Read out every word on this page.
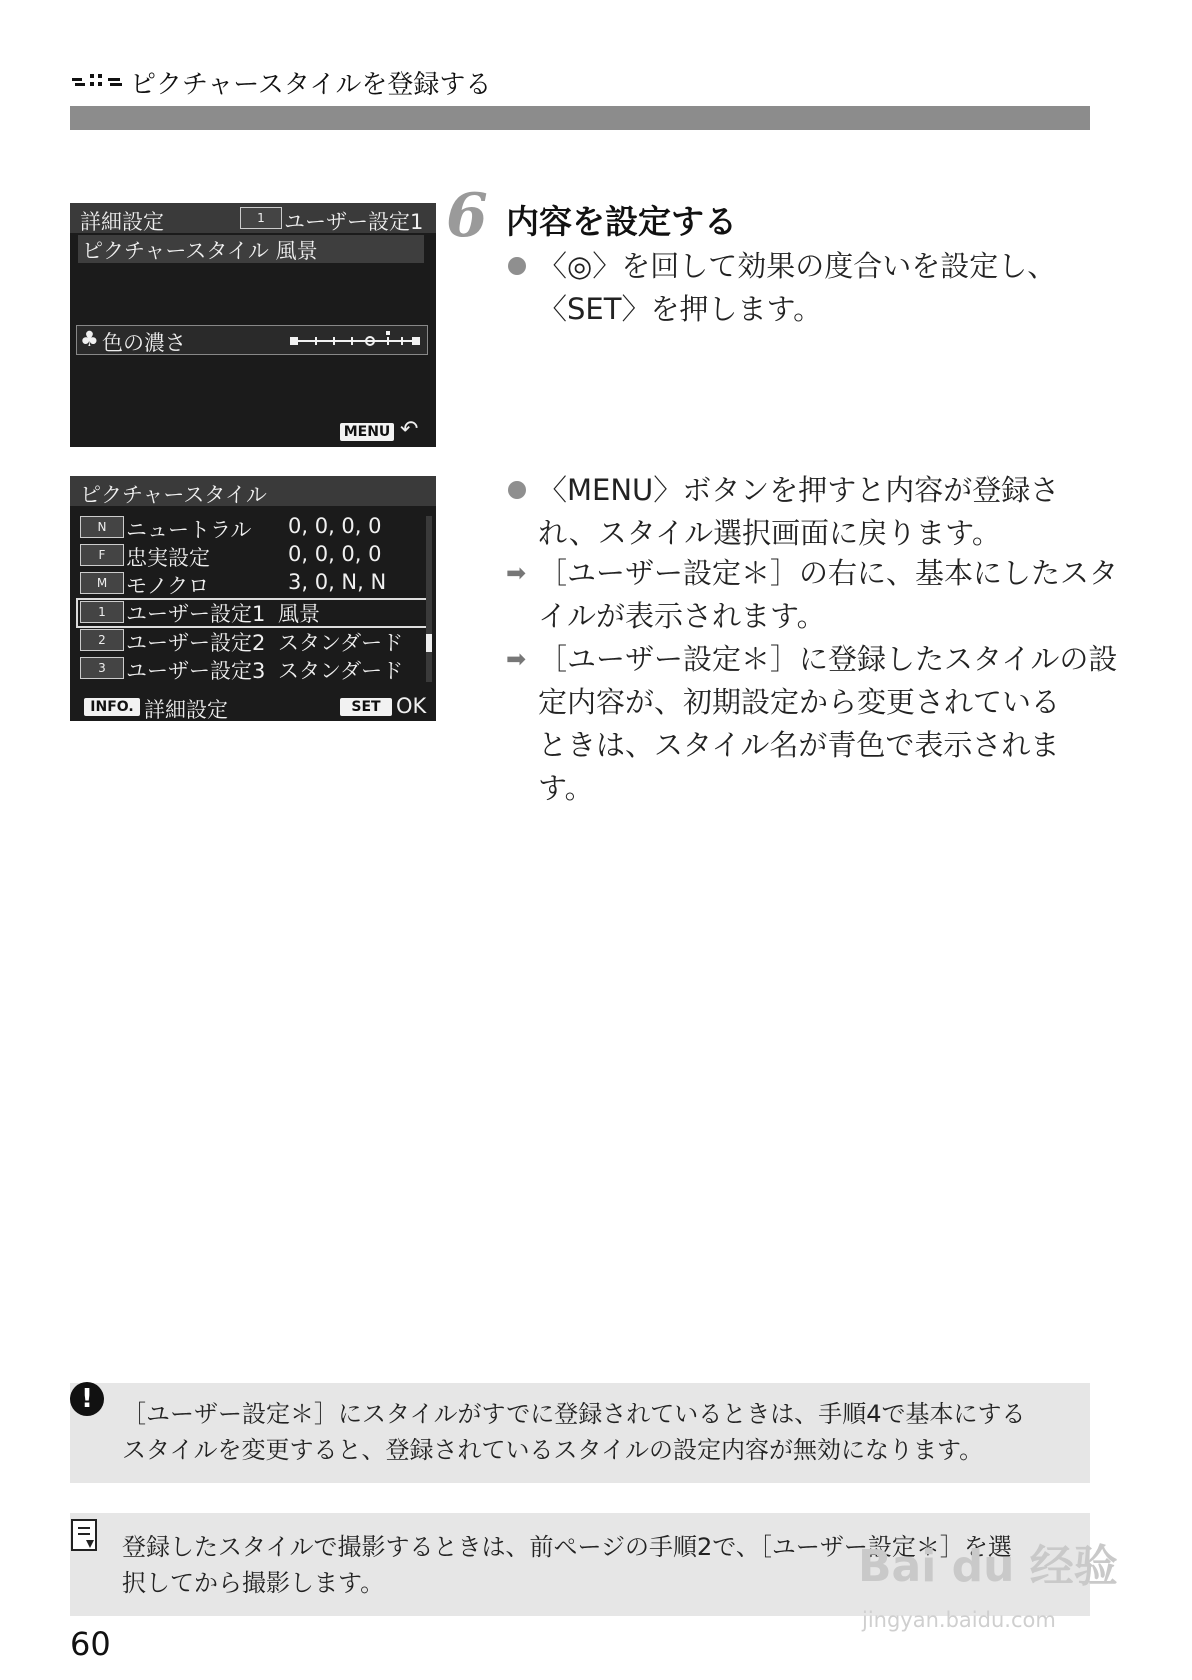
ピクチャースタイルを登録する
詳細設定	1 ユーザー設定1
ピクチャースタイル 風景
♣ 色の濃さ
MENU ↶
ピクチャースタイル
N ニュートラル 0, 0, 0, 0
F 忠実設定	0, 0, 0, 0
M モノクロ	3, 0, N, N
1 ユーザー設定1 風景
2 ユーザー設定2 スタンダード
3 ユーザー設定3 スタンダード
INFO. 詳細設定	SET OK
6 内容を設定する
〈◎〉を回して効果の度合いを設定し、
〈SET〉を押します。
〈MENU〉ボタンを押すと内容が登録さ
れ、スタイル選択画面に戻ります。
➡ ［ユーザー設定＊］の右に、基本にしたスタ
イルが表示されます。
➡ ［ユーザー設定＊］に登録したスタイルの設
定内容が、初期設定から変更されている
ときは、スタイル名が青色で表示されま
す。
!	［ユーザー設定＊］にスタイルがすでに登録されているときは、手順4で基本にする
スタイルを変更すると、登録されているスタイルの設定内容が無効になります。
登録したスタイルで撮影するときは、前ページの手順2で、［ユーザー設定＊］を選
択してから撮影します。
60
Bai du 经验
jingyan.baidu.com
